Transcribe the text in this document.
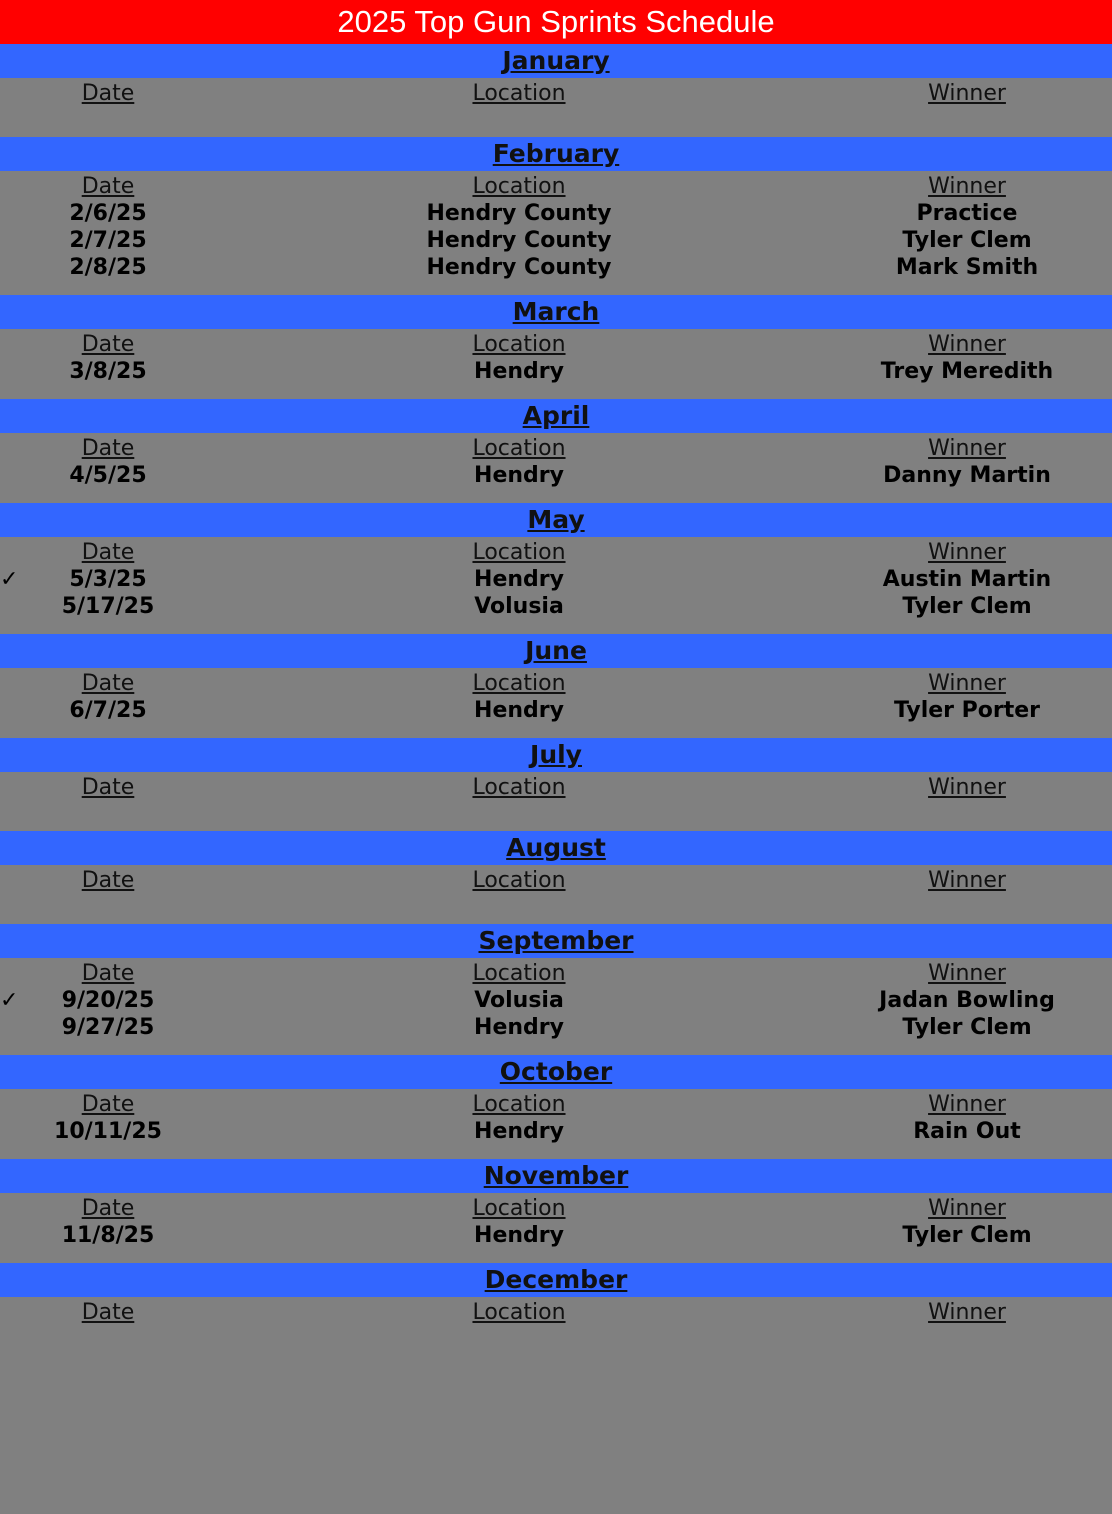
2025 Top Gun Sprints Schedule
January
Date	Location	Winner
February
Date	Location	Winner
2/6/25	Hendry County	Practice
2/7/25	Hendry County	Tyler Clem
2/8/25	Hendry County	Mark Smith
March
Date	Location	Winner
3/8/25	Hendry	Trey Meredith
April
Date	Location	Winner
4/5/25	Hendry	Danny Martin
May
Date	Location	Winner
✓	5/3/25	Hendry	Austin Martin
5/17/25	Volusia	Tyler Clem
June
Date	Location	Winner
6/7/25	Hendry	Tyler Porter
July
Date	Location	Winner
August
Date	Location	Winner
September
Date	Location	Winner
✓	9/20/25	Volusia	Jadan Bowling
9/27/25	Hendry	Tyler Clem
October
Date	Location	Winner
10/11/25	Hendry	Rain Out
November
Date	Location	Winner
11/8/25	Hendry	Tyler Clem
December
Date	Location	Winner
